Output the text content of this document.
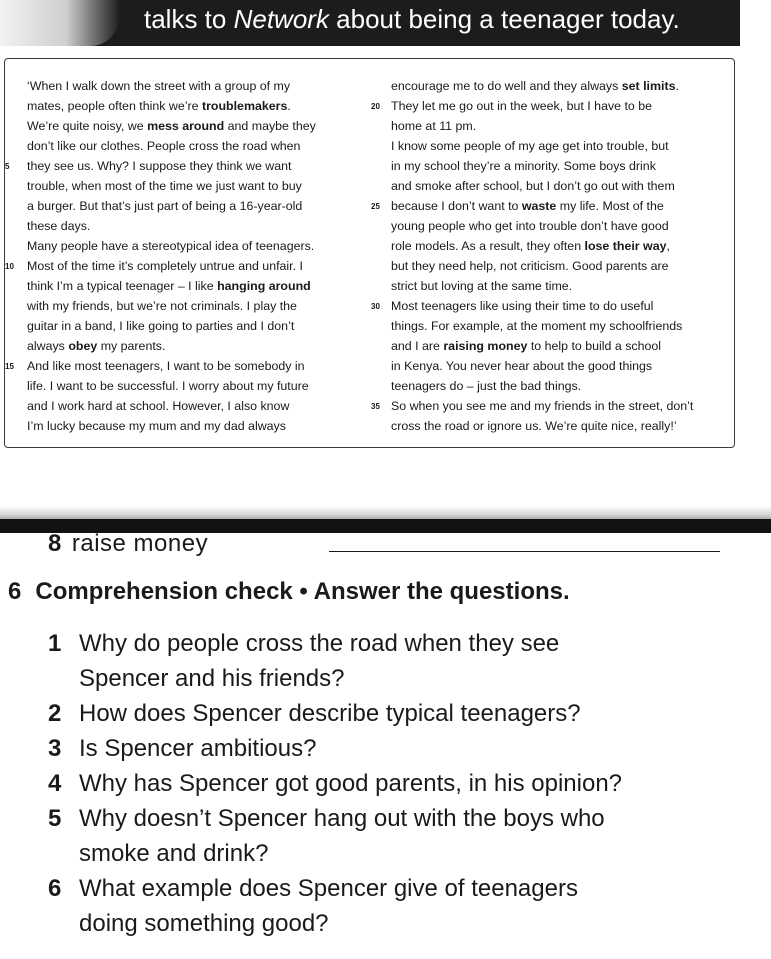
talks to Network about being a teenager today.
‘When I walk down the street with a group of my
mates, people often think we’re troublemakers.
We’re quite noisy, we mess around and maybe they
don’t like our clothes. People cross the road when
5	they see us. Why? I suppose they think we want
trouble, when most of the time we just want to buy
a burger. But that’s just part of being a 16-year-old
these days.
Many people have a stereotypical idea of teenagers.
10	Most of the time it’s completely untrue and unfair. I
think I’m a typical teenager – I like hanging around
with my friends, but we’re not criminals. I play the
guitar in a band, I like going to parties and I don’t
always obey my parents.
15	And like most teenagers, I want to be somebody in
life. I want to be successful. I worry about my future
and I work hard at school. However, I also know
I’m lucky because my mum and my dad always
encourage me to do well and they always set limits.
20 They let me go out in the week, but I have to be
home at 11 pm.
I know some people of my age get into trouble, but
in my school they’re a minority. Some boys drink
and smoke after school, but I don’t go out with them
25 because I don’t want to waste my life. Most of the
young people who get into trouble don’t have good
role models. As a result, they often lose their way,
but they need help, not criticism. Good parents are
strict but loving at the same time.
30 Most teenagers like using their time to do useful
things. For example, at the moment my schoolfriends
and I are raising money to help to build a school
in Kenya. You never hear about the good things
teenagers do – just the bad things.
35 So when you see me and my friends in the street, don’t
cross the road or ignore us. We’re quite nice, really!’
8 raise money
6 Comprehension check • Answer the questions.
1 Why do people cross the road when they see
Spencer and his friends?
2 How does Spencer describe typical teenagers?
3 Is Spencer ambitious?
4 Why has Spencer got good parents, in his opinion?
5 Why doesn’t Spencer hang out with the boys who
smoke and drink?
6 What example does Spencer give of teenagers
doing something good?
